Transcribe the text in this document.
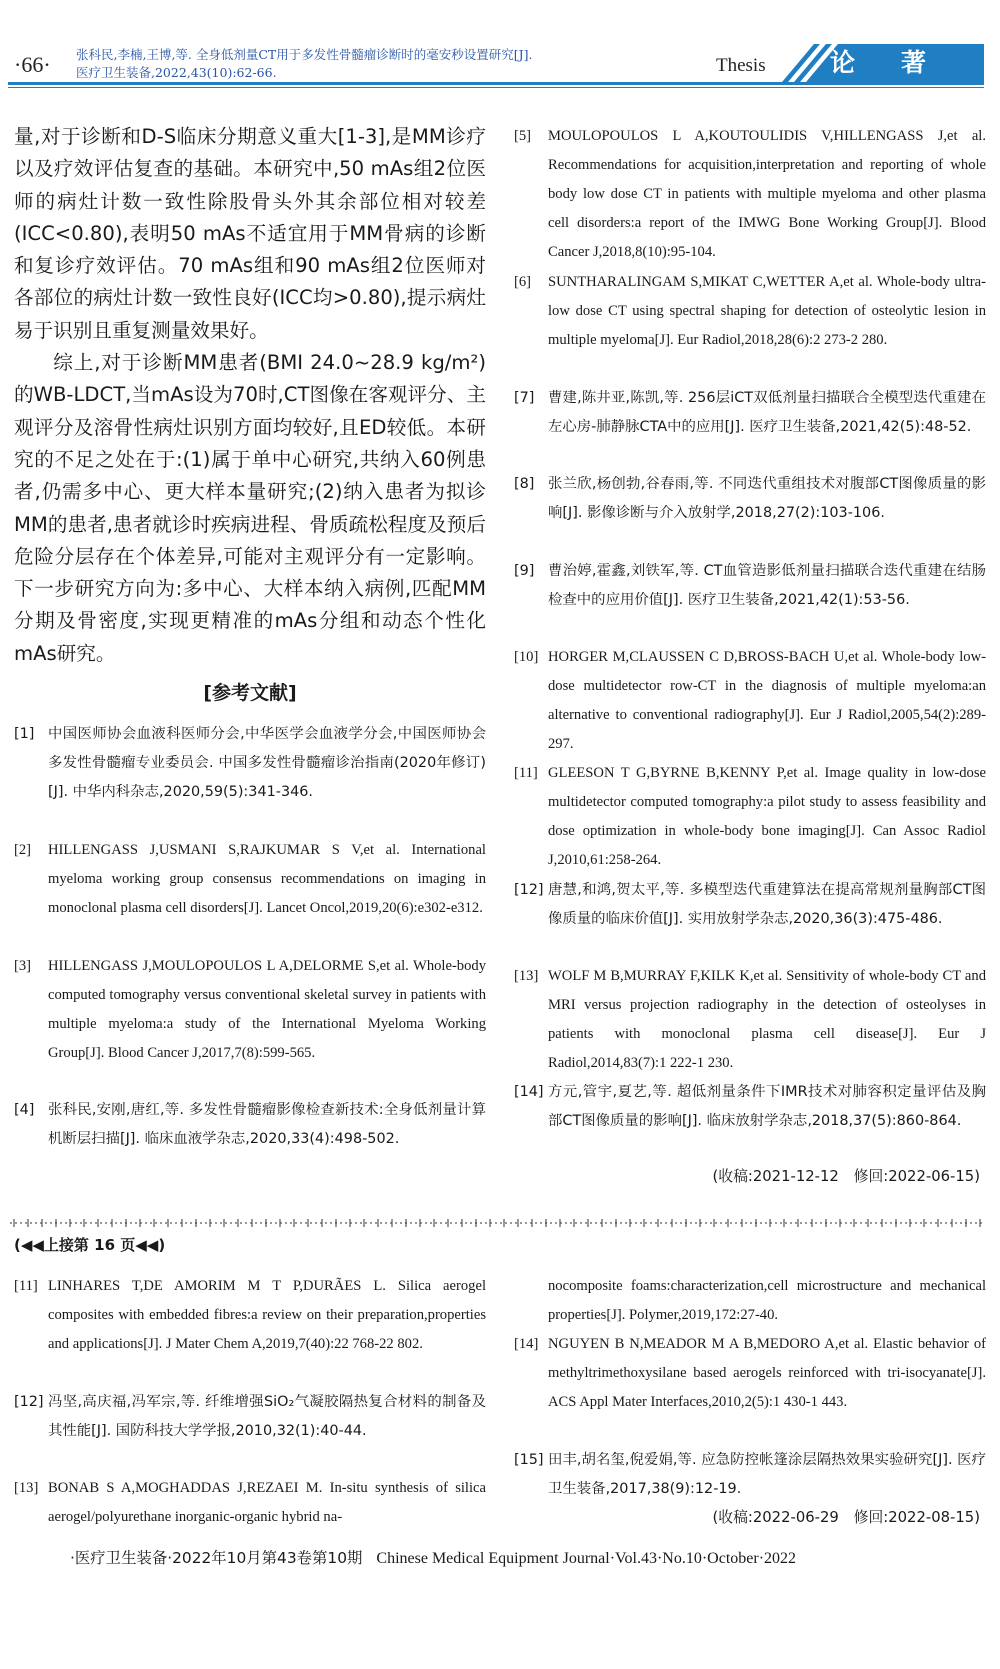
·66· 张科民,李楠,王博,等. 全身低剂量CT用于多发性骨髓瘤诊断时的毫安秒设置研究[J].
医疗卫生装备,2022,43(10):62-66.	Thesis	论著

量,对于诊断和D-S临床分期意义重大[1-3],是MM诊疗以及疗效评估复查的基础。本研究中,50 mAs组2位医师的病灶计数一致性除股骨头外其余部位相对较差(ICC<0.80),表明50 mAs不适宜用于MM骨病的诊断和复诊疗效评估。70 mAs组和90 mAs组2位医师对各部位的病灶计数一致性良好(ICC均>0.80),提示病灶易于识别且重复测量效果好。

综上,对于诊断MM患者(BMI 24.0~28.9 kg/m²)的WB-LDCT,当mAs设为70时,CT图像在客观评分、主观评分及溶骨性病灶识别方面均较好,且ED较低。本研究的不足之处在于:(1)属于单中心研究,共纳入60例患者,仍需多中心、更大样本量研究;(2)纳入患者为拟诊MM的患者,患者就诊时疾病进程、骨质疏松程度及预后危险分层存在个体差异,可能对主观评分有一定影响。下一步研究方向为:多中心、大样本纳入病例,匹配MM分期及骨密度,实现更精准的mAs分组和动态个性化mAs研究。

[参考文献]
[1] 中国医师协会血液科医师分会,中华医学会血液学分会,中国医师协会多发性骨髓瘤专业委员会. 中国多发性骨髓瘤诊治指南(2020年修订)[J]. 中华内科杂志,2020,59(5):341-346.
[2] HILLENGASS J,USMANI S,RAJKUMAR S V,et al. International myeloma working group consensus recommendations on imaging in monoclonal plasma cell disorders[J]. Lancet Oncol,2019,20(6):e302-e312.
[3] HILLENGASS J,MOULOPOULOS L A,DELORME S,et al. Whole-body computed tomography versus conventional skeletal survey in patients with multiple myeloma:a study of the International Myeloma Working Group[J]. Blood Cancer J,2017,7(8):599-565.
[4] 张科民,安刚,唐红,等. 多发性骨髓瘤影像检查新技术:全身低剂量计算机断层扫描[J]. 临床血液学杂志,2020,33(4):498-502.
[5] MOULOPOULOS L A,KOUTOULIDIS V,HILLENGASS J,et al. Recommendations for acquisition,interpretation and reporting of whole body low dose CT in patients with multiple myeloma and other plasma cell disorders:a report of the IMWG Bone Working Group[J]. Blood Cancer J,2018,8(10):95-104.
[6] SUNTHARALINGAM S,MIKAT C,WETTER A,et al. Whole-body ultra-low dose CT using spectral shaping for detection of osteolytic lesion in multiple myeloma[J]. Eur Radiol,2018,28(6):2 273-2 280.
[7] 曹建,陈井亚,陈凯,等. 256层iCT双低剂量扫描联合全模型迭代重建在左心房-肺静脉CTA中的应用[J]. 医疗卫生装备,2021,42(5):48-52.
[8] 张兰欣,杨创勃,谷春雨,等. 不同迭代重组技术对腹部CT图像质量的影响[J]. 影像诊断与介入放射学,2018,27(2):103-106.
[9] 曹治婷,霍鑫,刘铁军,等. CT血管造影低剂量扫描联合迭代重建在结肠检查中的应用价值[J]. 医疗卫生装备,2021,42(1):53-56.
[10] HORGER M,CLAUSSEN C D,BROSS-BACH U,et al. Whole-body low-dose multidetector row-CT in the diagnosis of multiple myeloma:an alternative to conventional radiography[J]. Eur J Radiol,2005,54(2):289-297.
[11] GLEESON T G,BYRNE B,KENNY P,et al. Image quality in low-dose multidetector computed tomography:a pilot study to assess feasibility and dose optimization in whole-body bone imaging[J]. Can Assoc Radiol J,2010,61:258-264.
[12] 唐慧,和鸿,贺太平,等. 多模型迭代重建算法在提高常规剂量胸部CT图像质量的临床价值[J]. 实用放射学杂志,2020,36(3):475-486.
[13] WOLF M B,MURRAY F,KILK K,et al. Sensitivity of whole-body CT and MRI versus projection radiography in the detection of osteolyses in patients with monoclonal plasma cell disease[J]. Eur J Radiol,2014,83(7):1 222-1 230.
[14] 方元,管宇,夏艺,等. 超低剂量条件下IMR技术对肺容积定量评估及胸部CT图像质量的影响[J]. 临床放射学杂志,2018,37(5):860-864.
(收稿:2021-12-12　修回:2022-06-15)
(◀◀上接第 16 页◀◀)
[11] LINHARES T,DE AMORIM M T P,DURÃES L. Silica aerogel composites with embedded fibres:a review on their preparation,properties and applications[J]. J Mater Chem A,2019,7(40):22 768-22 802.
[12] 冯坚,高庆福,冯军宗,等. 纤维增强SiO₂气凝胶隔热复合材料的制备及其性能[J]. 国防科技大学学报,2010,32(1):40-44.
[13] BONAB S A,MOGHADDAS J,REZAEI M. In-situ synthesis of silica aerogel/polyurethane inorganic-organic hybrid na-
nocomposite foams:characterization,cell microstructure and mechanical properties[J]. Polymer,2019,172:27-40.
[14] NGUYEN B N,MEADOR M A B,MEDORO A,et al. Elastic behavior of methyltrimethoxysilane based aerogels reinforced with tri-isocyanate[J]. ACS Appl Mater Interfaces,2010,2(5):1 430-1 443.
[15] 田丰,胡名玺,倪爱娟,等. 应急防控帐篷涂层隔热效果实验研究[J]. 医疗卫生装备,2017,38(9):12-19.
(收稿:2022-06-29　修回:2022-08-15)
·医疗卫生装备·2022年10月第43卷第10期 Chinese Medical Equipment Journal·Vol.43·No.10·October·2022
